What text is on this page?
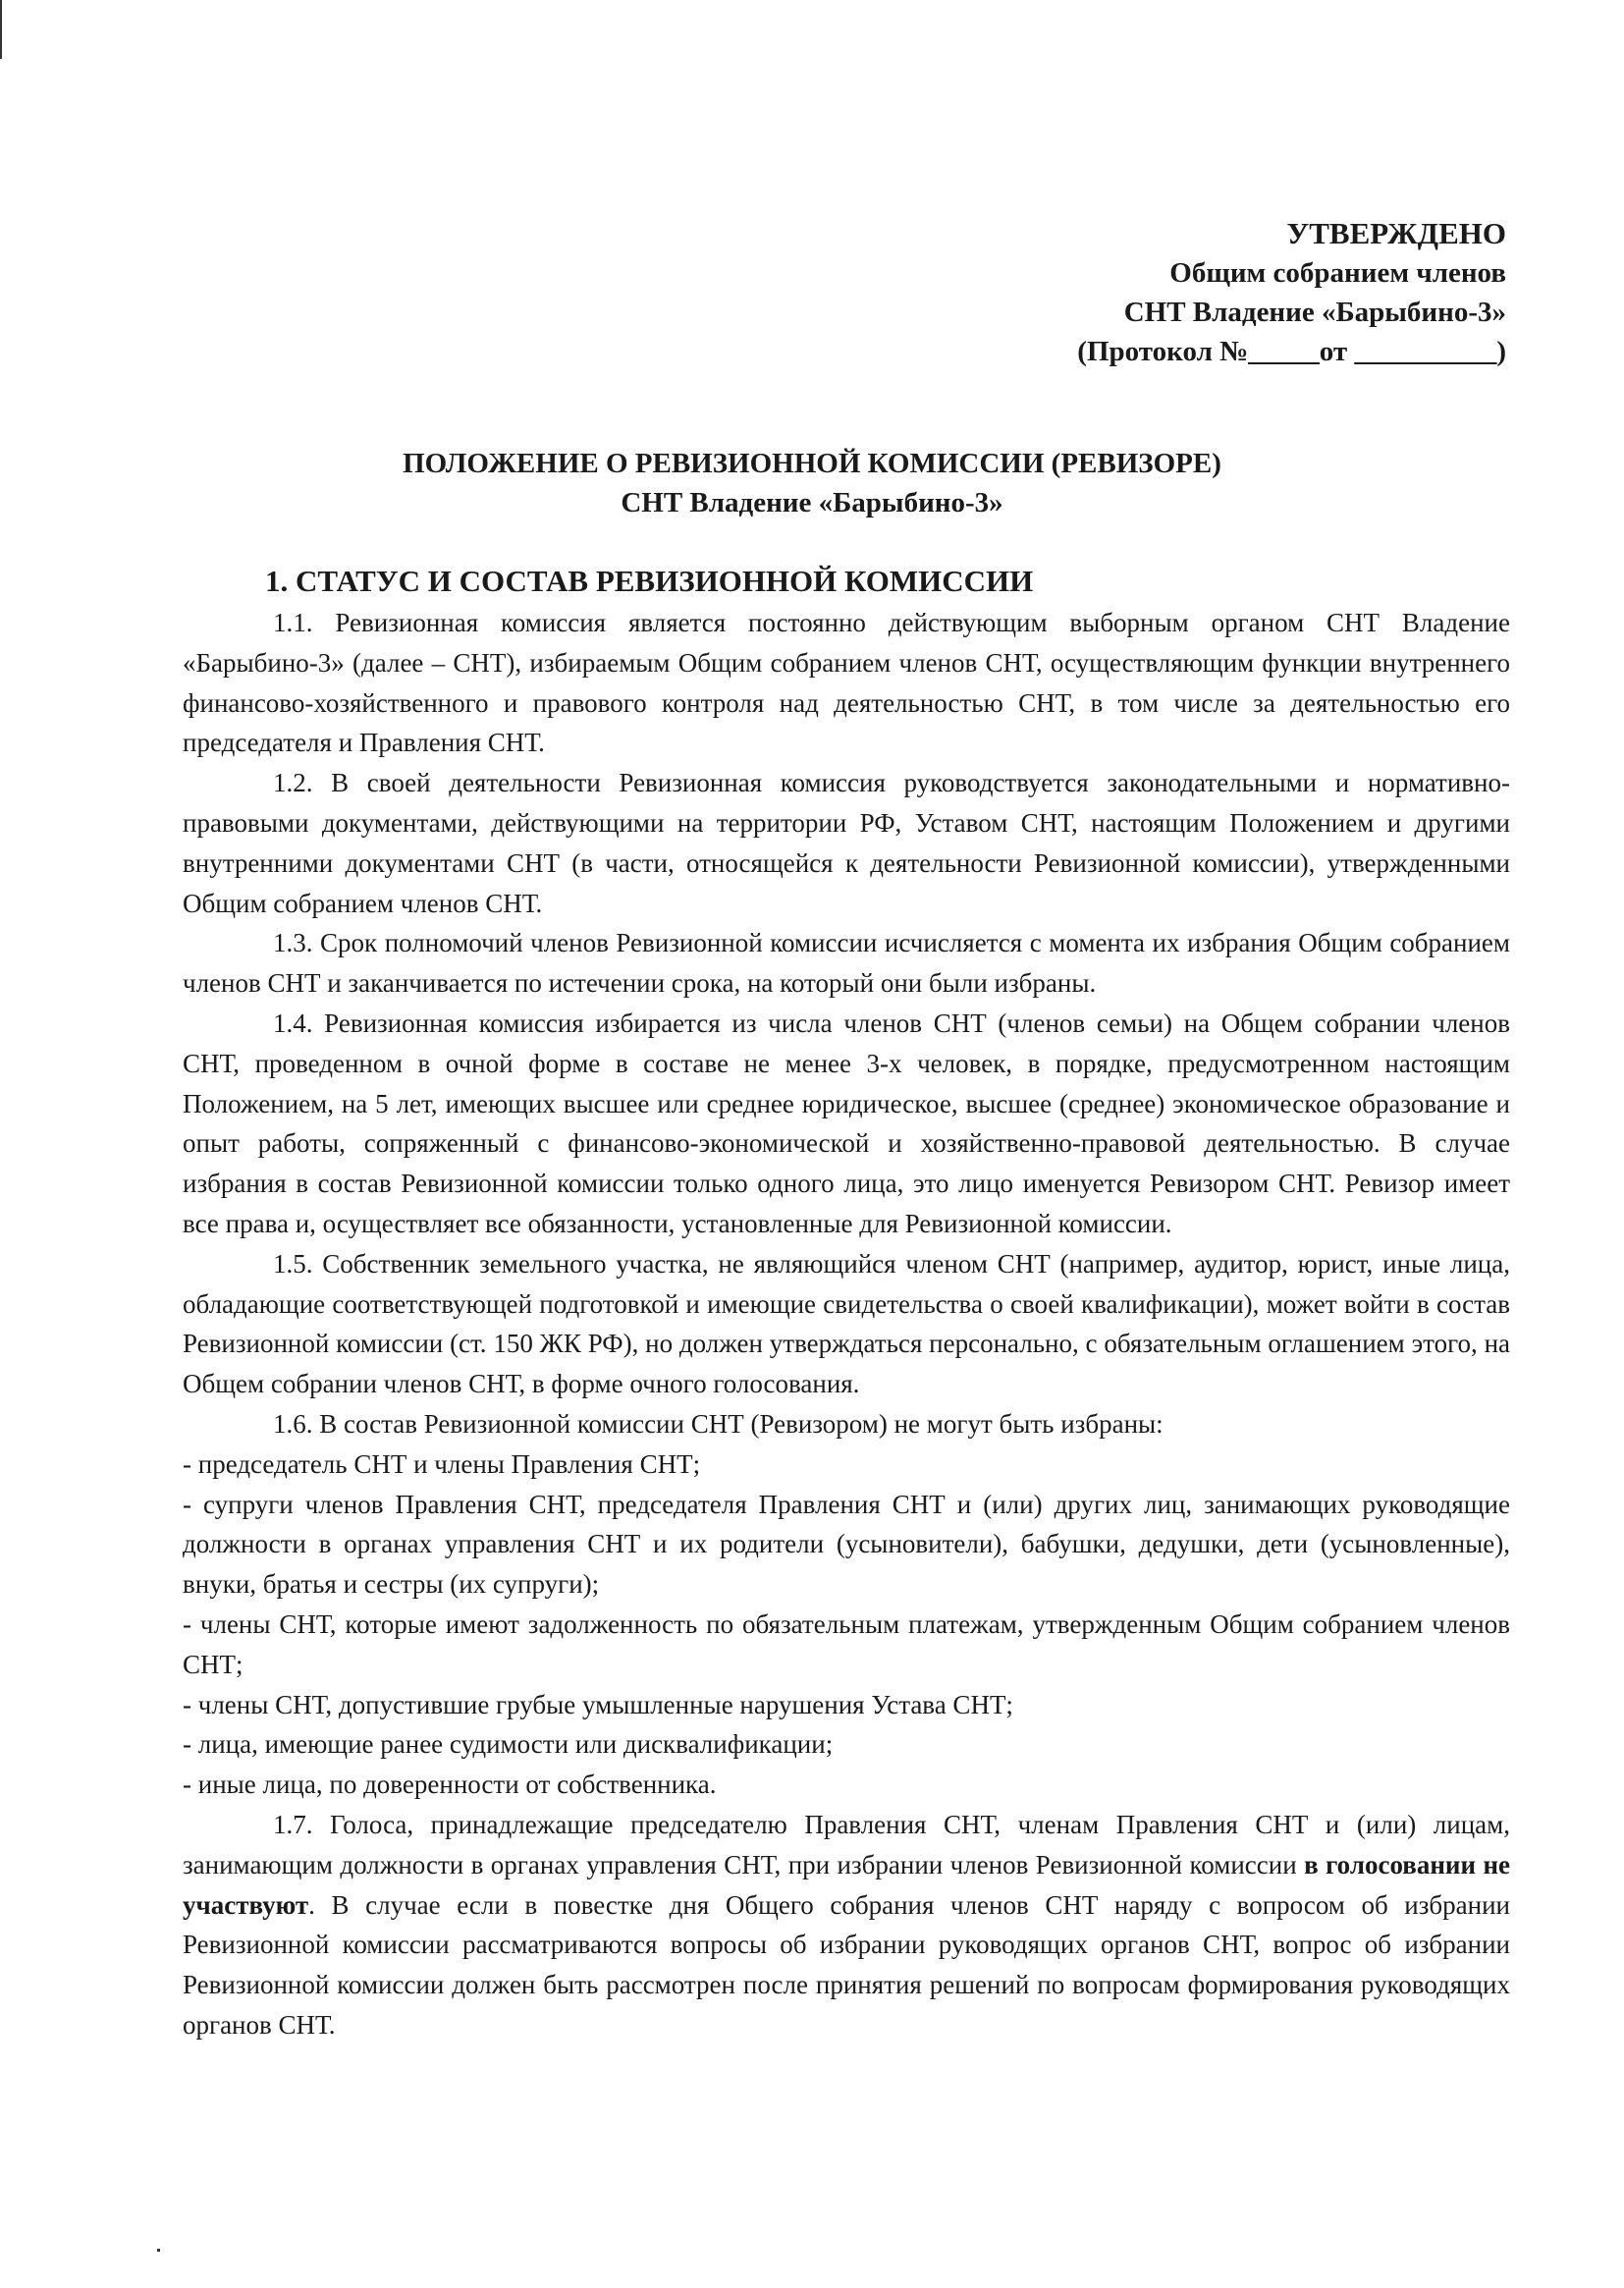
УТВЕРЖДЕНО
Общим собранием членов
СНТ Владение «Барыбино-3»
(Протокол №_____от __________)
ПОЛОЖЕНИЕ О РЕВИЗИОННОЙ КОМИССИИ (РЕВИЗОРЕ)
СНТ Владение «Барыбино-3»
1. СТАТУС И СОСТАВ РЕВИЗИОННОЙ КОМИССИИ

1.1. Ревизионная комиссия является постоянно действующим выборным органом СНТ Владение «Барыбино-3» (далее – СНТ), избираемым Общим собранием членов СНТ, осуществляющим функции внутреннего финансово-хозяйственного и правового контроля над деятельностью СНТ, в том числе за деятельностью его председателя и Правления СНТ.

1.2. В своей деятельности Ревизионная комиссия руководствуется законодательными и нормативно-правовыми документами, действующими на территории РФ, Уставом СНТ, настоящим Положением и другими внутренними документами СНТ (в части, относящейся к деятельности Ревизионной комиссии), утвержденными Общим собранием членов СНТ.

1.3. Срок полномочий членов Ревизионной комиссии исчисляется с момента их избрания Общим собранием членов СНТ и заканчивается по истечении срока, на который они были избраны.

1.4. Ревизионная комиссия избирается из числа членов СНТ (членов семьи) на Общем собрании членов СНТ, проведенном в очной форме в составе не менее 3-х человек, в порядке, предусмотренном настоящим Положением, на 5 лет, имеющих высшее или среднее юридическое, высшее (среднее) экономическое образование и опыт работы, сопряженный с финансово-экономической и хозяйственно-правовой деятельностью. В случае избрания в состав Ревизионной комиссии только одного лица, это лицо именуется Ревизором СНТ. Ревизор имеет все права и, осуществляет все обязанности, установленные для Ревизионной комиссии.

1.5. Собственник земельного участка, не являющийся членом СНТ (например, аудитор, юрист, иные лица, обладающие соответствующей подготовкой и имеющие свидетельства о своей квалификации), может войти в состав Ревизионной комиссии (ст. 150 ЖК РФ), но должен утверждаться персонально, с обязательным оглашением этого, на Общем собрании членов СНТ, в форме очного голосования.

1.6. В состав Ревизионной комиссии СНТ (Ревизором) не могут быть избраны:

- председатель СНТ и члены Правления СНТ;

- супруги членов Правления СНТ, председателя Правления СНТ и (или) других лиц, занимающих руководящие должности в органах управления СНТ и их родители (усыновители), бабушки, дедушки, дети (усыновленные), внуки, братья и сестры (их супруги);

- члены СНТ, которые имеют задолженность по обязательным платежам, утвержденным Общим собранием членов СНТ;

- члены СНТ, допустившие грубые умышленные нарушения Устава СНТ;

- лица, имеющие ранее судимости или дисквалификации;

- иные лица, по доверенности от собственника.

1.7. Голоса, принадлежащие председателю Правления СНТ, членам Правления СНТ и (или) лицам, занимающим должности в органах управления СНТ, при избрании членов Ревизионной комиссии в голосовании не участвуют. В случае если в повестке дня Общего собрания членов СНТ наряду с вопросом об избрании Ревизионной комиссии рассматриваются вопросы об избрании руководящих органов СНТ, вопрос об избрании Ревизионной комиссии должен быть рассмотрен после принятия решений по вопросам формирования руководящих органов СНТ.
